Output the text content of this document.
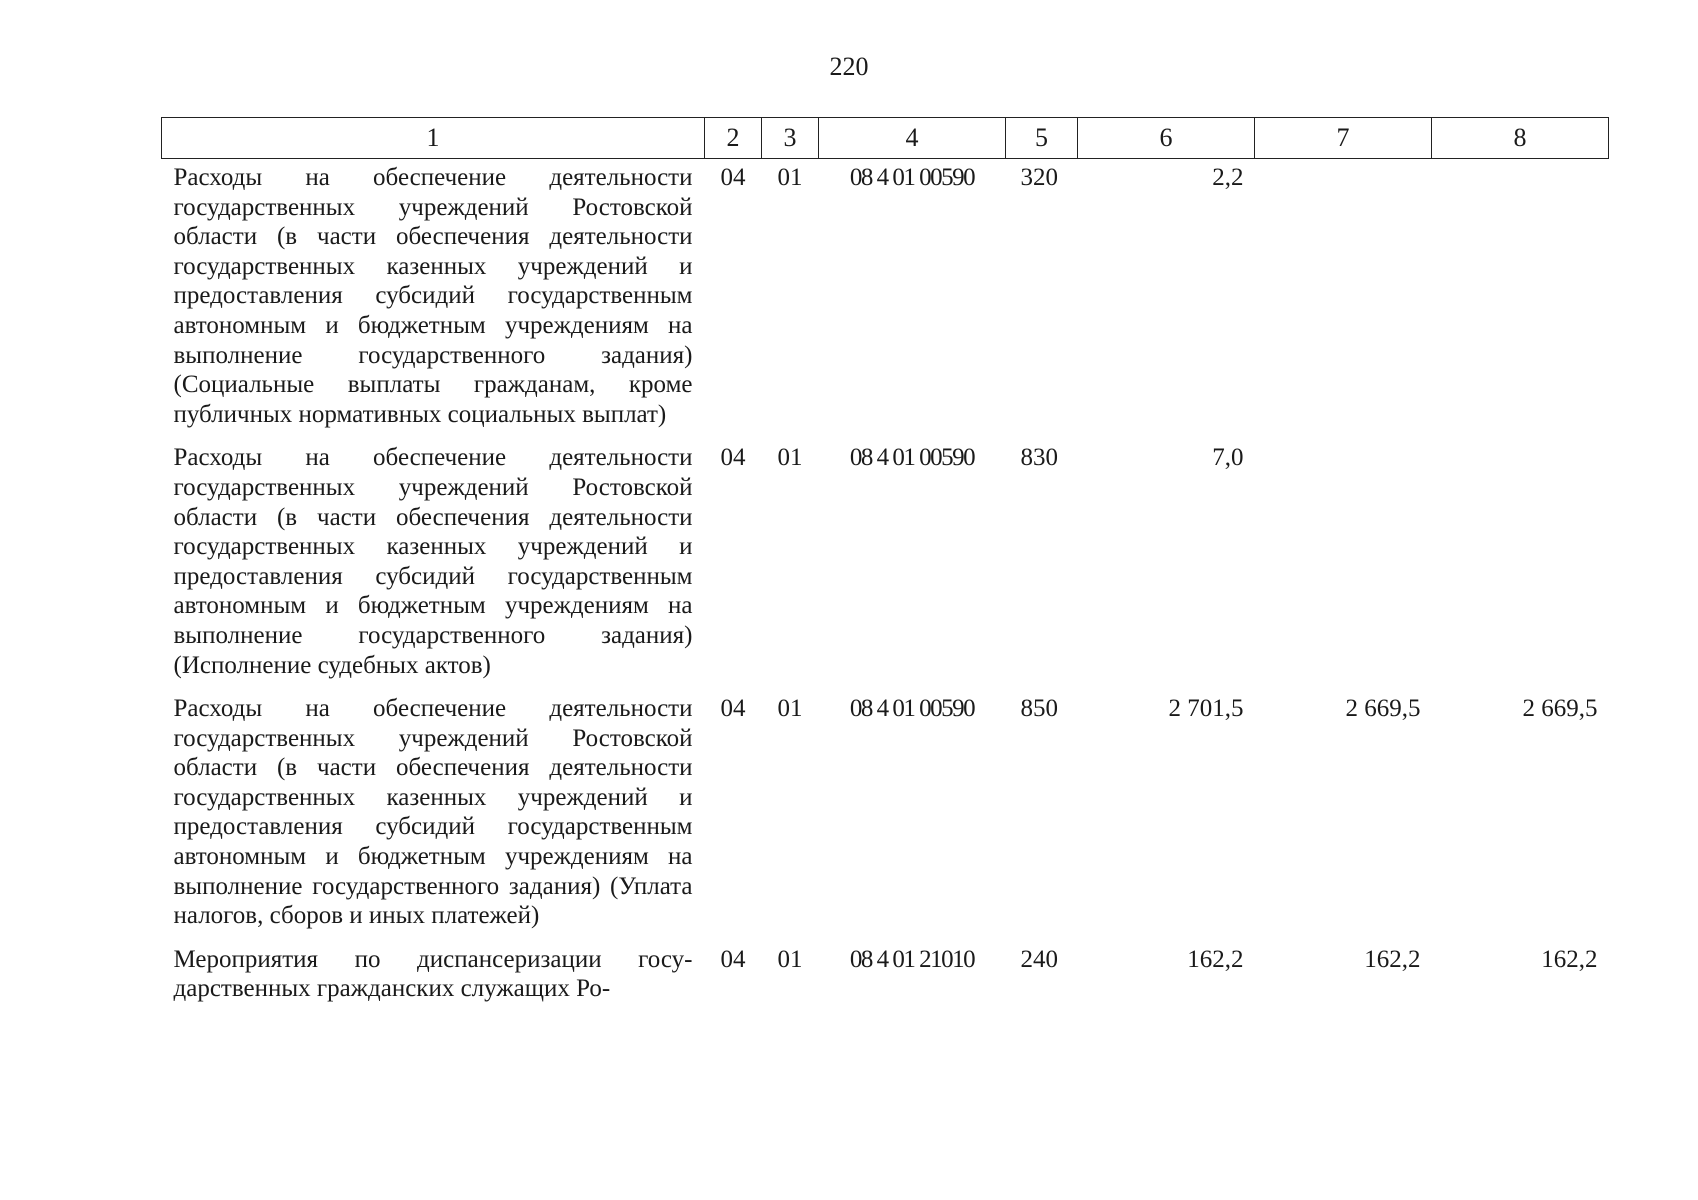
220
1	2	3	4	5	6	7	8
Расходы на обеспечение деятельности государственных учреждений Ростовской области (в части обеспечения деятельности государственных казенных учреждений и предоставления субсидий государственным автономным и бюджетным учреждениям на выполнение государственного задания) (Социальные выплаты гражданам, кроме публичных нормативных социальных выплат)	04	01	08 4 01 00590	320	2,2		
Расходы на обеспечение деятельности государственных учреждений Ростовской области (в части обеспечения деятельности государственных казенных учреждений и предоставления субсидий государственным автономным и бюджетным учреждениям на выполнение государственного задания) (Исполнение судебных актов)	04	01	08 4 01 00590	830	7,0		
Расходы на обеспечение деятельности государственных учреждений Ростовской области (в части обеспечения деятельности государственных казенных учреждений и предоставления субсидий государственным автономным и бюджетным учреждениям на выполнение государственного задания) (Уплата налогов, сборов и иных платежей)	04	01	08 4 01 00590	850	2 701,5	2 669,5	2 669,5
Мероприятия по диспансеризации государственных гражданских служащих Ро-	04	01	08 4 01 21010	240	162,2	162,2	162,2
